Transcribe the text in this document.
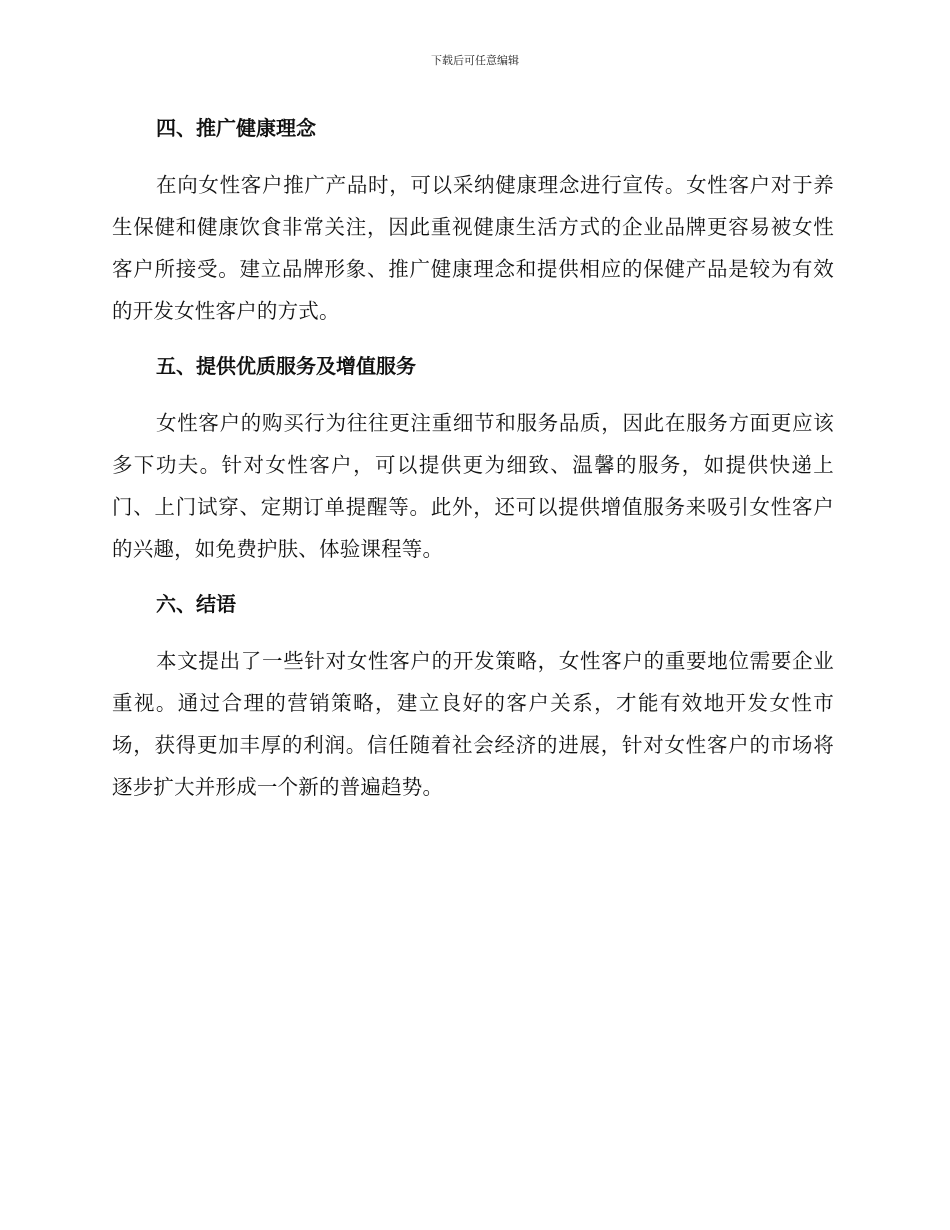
下载后可任意编辑
四、推广健康理念

在向女性客户推广产品时，可以采纳健康理念进行宣传。女性客户对于养生保健和健康饮食非常关注，因此重视健康生活方式的企业品牌更容易被女性客户所接受。建立品牌形象、推广健康理念和提供相应的保健产品是较为有效的开发女性客户的方式。

五、提供优质服务及增值服务

女性客户的购买行为往往更注重细节和服务品质，因此在服务方面更应该多下功夫。针对女性客户，可以提供更为细致、温馨的服务，如提供快递上门、上门试穿、定期订单提醒等。此外，还可以提供增值服务来吸引女性客户的兴趣，如免费护肤、体验课程等。

六、结语

本文提出了一些针对女性客户的开发策略，女性客户的重要地位需要企业重视。通过合理的营销策略，建立良好的客户关系，才能有效地开发女性市场，获得更加丰厚的利润。信任随着社会经济的进展，针对女性客户的市场将逐步扩大并形成一个新的普遍趋势。
